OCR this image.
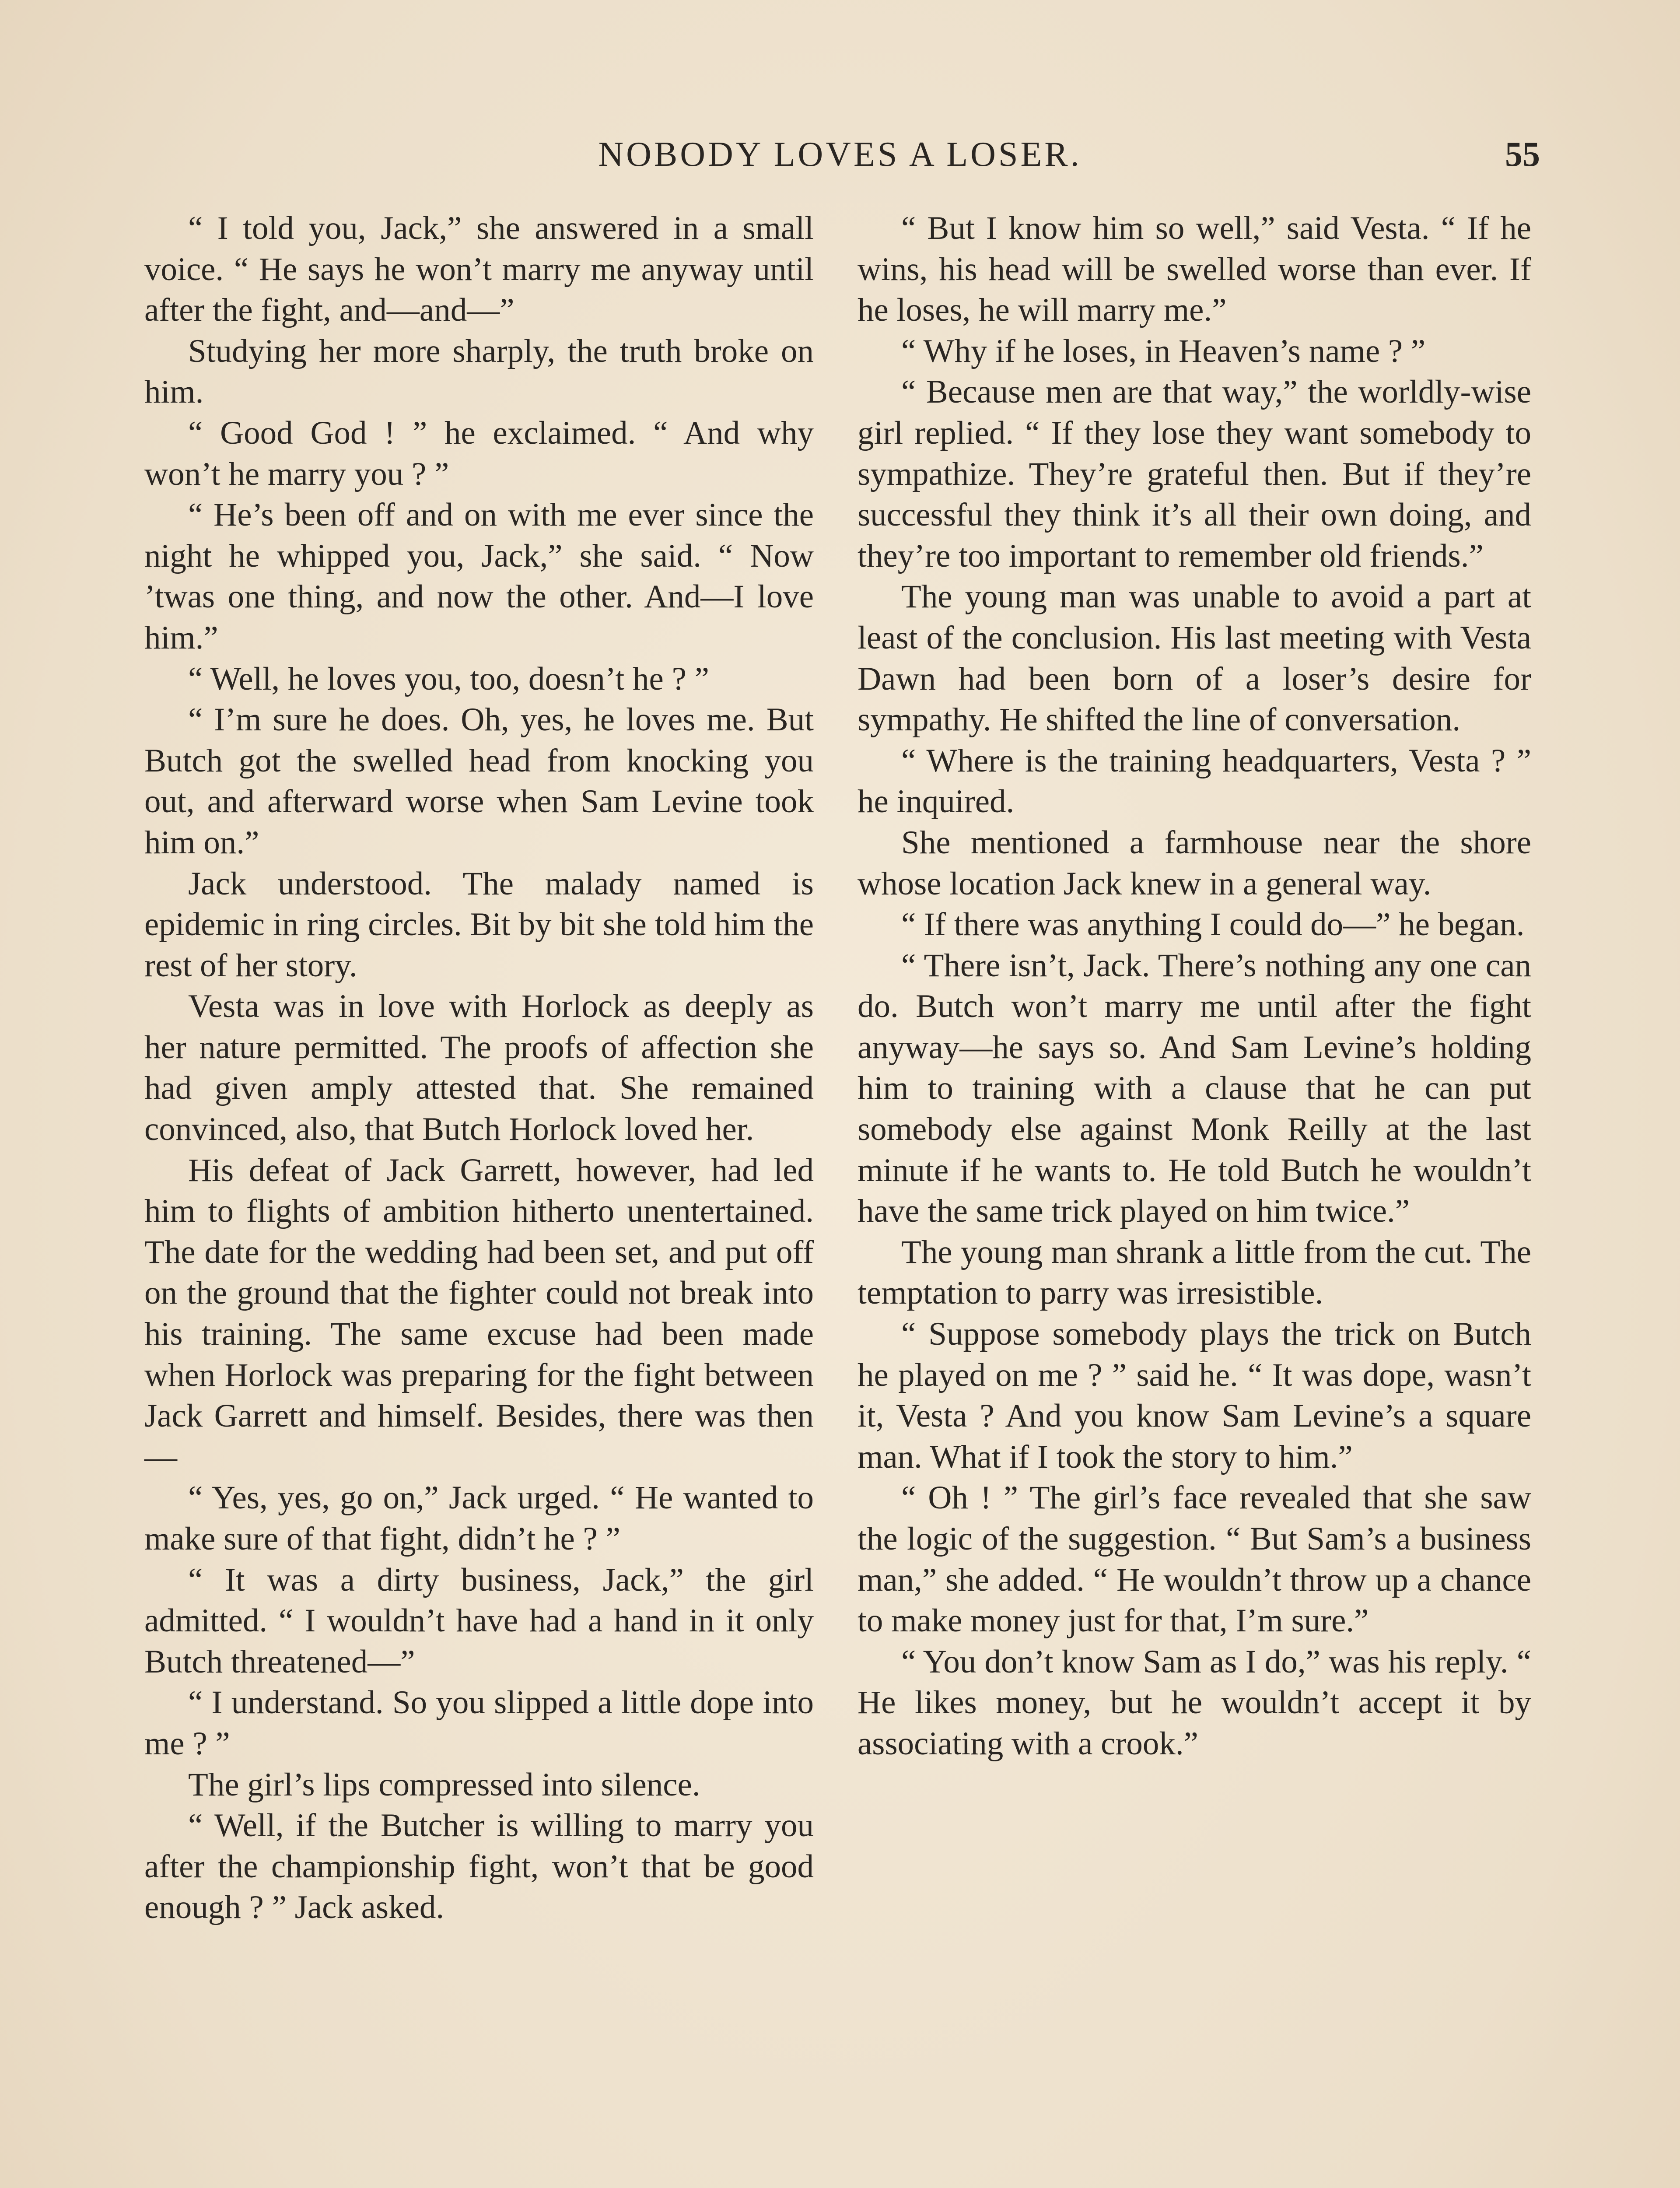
NOBODY LOVES A LOSER.	55

“ I told you, Jack,” she answered in a small voice. “ He says he won’t marry me anyway until after the fight, and—and—”

Studying her more sharply, the truth broke on him.

“ Good God ! ” he exclaimed. “ And why won’t he marry you ? ”

“ He’s been off and on with me ever since the night he whipped you, Jack,” she said. “ Now ’twas one thing, and now the other. And—I love him.”

“ Well, he loves you, too, doesn’t he ? ”

“ I’m sure he does. Oh, yes, he loves me. But Butch got the swelled head from knocking you out, and afterward worse when Sam Levine took him on.”

Jack understood. The malady named is epidemic in ring circles. Bit by bit she told him the rest of her story.

Vesta was in love with Horlock as deeply as her nature permitted. The proofs of affection she had given amply attested that. She remained convinced, also, that Butch Horlock loved her.

His defeat of Jack Garrett, however, had led him to flights of ambition hitherto unentertained. The date for the wedding had been set, and put off on the ground that the fighter could not break into his training. The same excuse had been made when Horlock was preparing for the fight between Jack Garrett and himself. Besides, there was then—

“ Yes, yes, go on,” Jack urged. “ He wanted to make sure of that fight, didn’t he ? ”

“ It was a dirty business, Jack,” the girl admitted. “ I wouldn’t have had a hand in it only Butch threatened—”

“ I understand. So you slipped a little dope into me ? ”

The girl’s lips compressed into silence.

“ Well, if the Butcher is willing to marry you after the championship fight, won’t that be good enough ? ” Jack asked.

“ But I know him so well,” said Vesta. “ If he wins, his head will be swelled worse than ever. If he loses, he will marry me.”

“ Why if he loses, in Heaven’s name ? ”

“ Because men are that way,” the worldly-wise girl replied. “ If they lose they want somebody to sympathize. They’re grateful then. But if they’re successful they think it’s all their own doing, and they’re too important to remember old friends.”

The young man was unable to avoid a part at least of the conclusion. His last meeting with Vesta Dawn had been born of a loser’s desire for sympathy. He shifted the line of conversation.

“ Where is the training headquarters, Vesta ? ” he inquired.

She mentioned a farmhouse near the shore whose location Jack knew in a general way.

“ If there was anything I could do—” he began.

“ There isn’t, Jack. There’s nothing any one can do. Butch won’t marry me until after the fight anyway—he says so. And Sam Levine’s holding him to training with a clause that he can put somebody else against Monk Reilly at the last minute if he wants to. He told Butch he wouldn’t have the same trick played on him twice.”

The young man shrank a little from the cut. The temptation to parry was irresistible.

“ Suppose somebody plays the trick on Butch he played on me ? ” said he. “ It was dope, wasn’t it, Vesta ? And you know Sam Levine’s a square man. What if I took the story to him.”

“ Oh ! ” The girl’s face revealed that she saw the logic of the suggestion. “ But Sam’s a business man,” she added. “ He wouldn’t throw up a chance to make money just for that, I’m sure.”

“ You don’t know Sam as I do,” was his reply. “ He likes money, but he wouldn’t accept it by associating with a crook.”
